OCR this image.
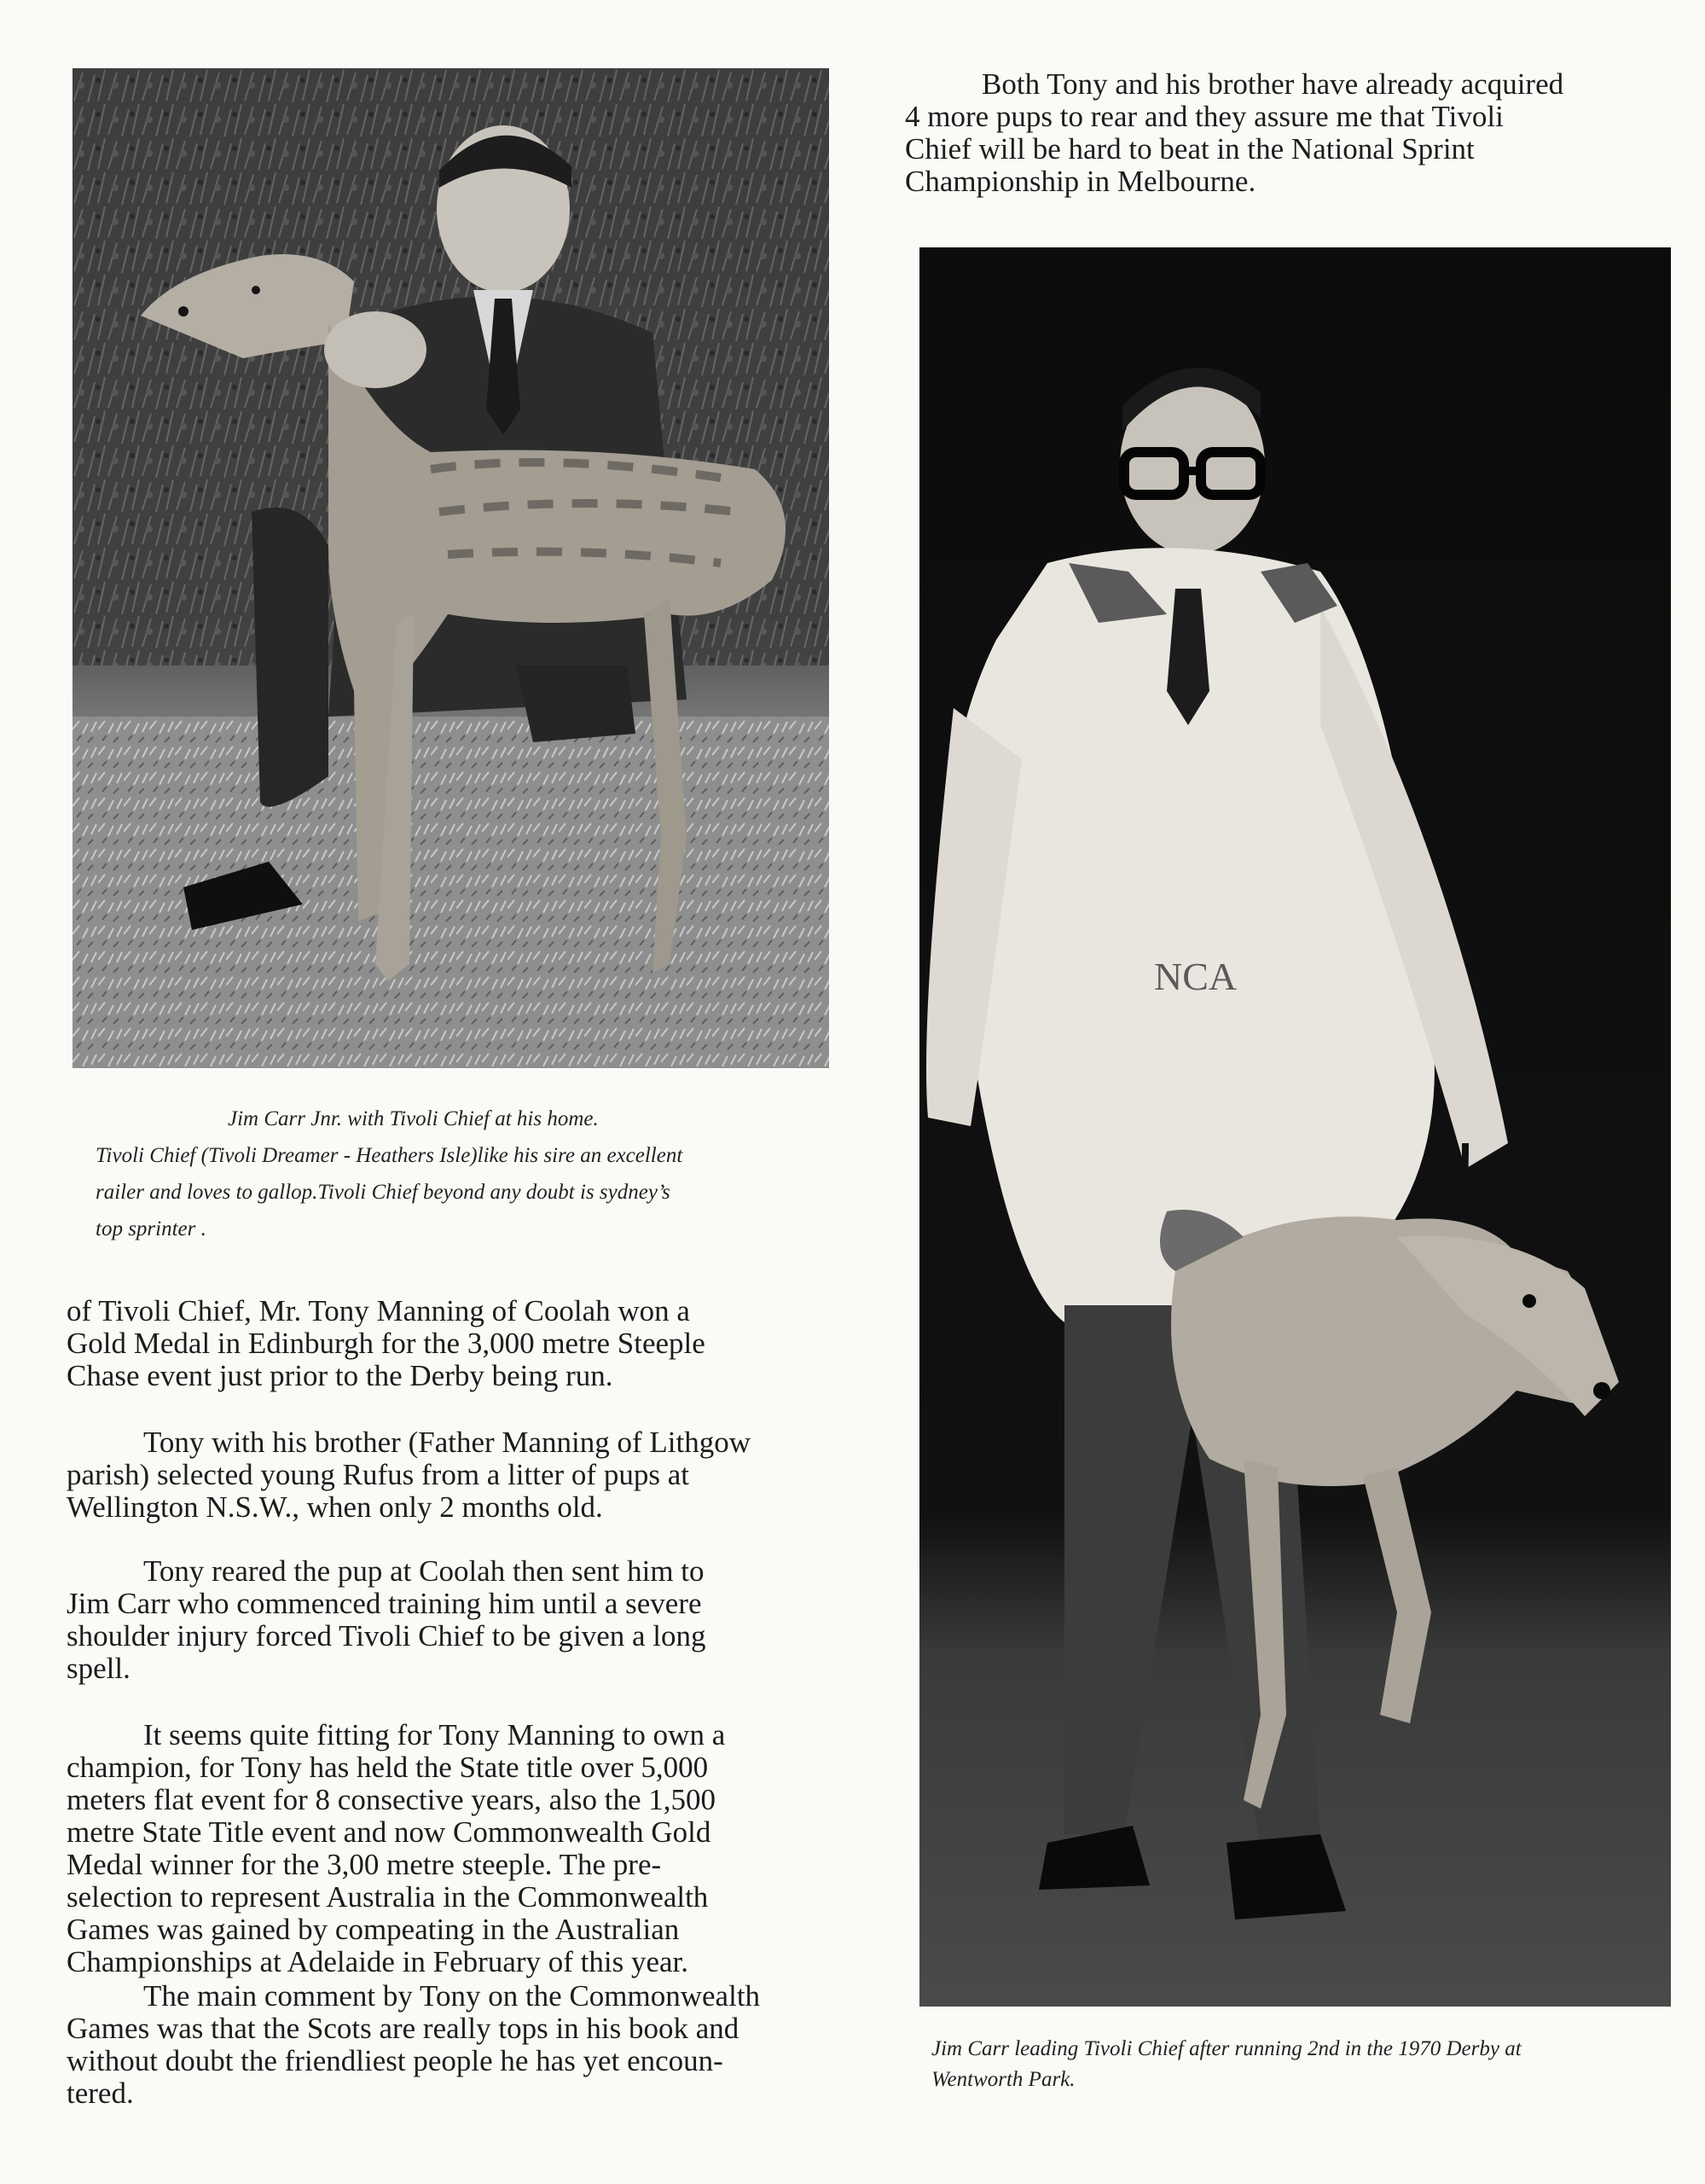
Both Tony and his brother have already acquired
4 more pups to rear and they assure me that Tivoli
Chief will be hard to beat in the National Sprint
Championship in Melbourne.
Jim Carr Jnr. with Tivoli Chief at his home.
Tivoli Chief (Tivoli Dreamer - Heathers Isle)like his sire an excellent
railer and loves to gallop.Tivoli Chief beyond any doubt is sydney’s
top sprinter .
NCA
Jim Carr leading Tivoli Chief after running 2nd in the 1970 Derby at
Wentworth Park.
of Tivoli Chief, Mr. Tony Manning of Coolah won a
Gold Medal in Edinburgh for the 3,000 metre Steeple
Chase event just prior to the Derby being run.
Tony with his brother (Father Manning of Lithgow
parish) selected young Rufus from a litter of pups at
Wellington N.S.W., when only 2 months old.
Tony reared the pup at Coolah then sent him to
Jim Carr who commenced training him until a severe
shoulder injury forced Tivoli Chief to be given a long
spell.
It seems quite fitting for Tony Manning to own a
champion, for Tony has held the State title over 5,000
meters flat event for 8 consective years, also the 1,500
metre State Title event and now Commonwealth Gold
Medal winner for the 3,00 metre steeple. The pre-
selection to represent Australia in the Commonwealth
Games was gained by compeating in the Australian
Championships at Adelaide in February of this year.
The main comment by Tony on the Commonwealth
Games was that the Scots are really tops in his book and
without doubt the friendliest people he has yet encoun-
tered.
